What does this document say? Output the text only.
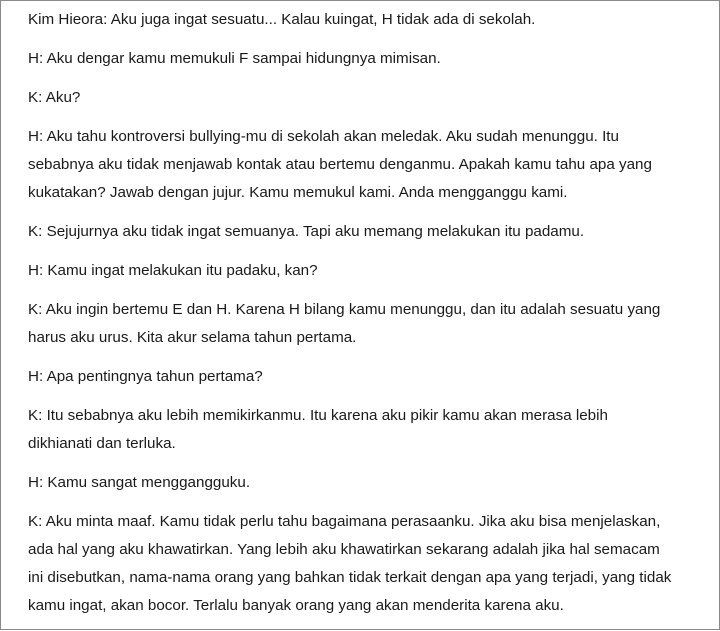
Kim Hieora: Aku juga ingat sesuatu... Kalau kuingat, H tidak ada di sekolah.

H: Aku dengar kamu memukuli F sampai hidungnya mimisan.

K: Aku?

H: Aku tahu kontroversi bullying-mu di sekolah akan meledak. Aku sudah menunggu. Itu
sebabnya aku tidak menjawab kontak atau bertemu denganmu. Apakah kamu tahu apa yang
kukatakan? Jawab dengan jujur. Kamu memukul kami. Anda mengganggu kami.

K: Sejujurnya aku tidak ingat semuanya. Tapi aku memang melakukan itu padamu.

H: Kamu ingat melakukan itu padaku, kan?

K: Aku ingin bertemu E dan H. Karena H bilang kamu menunggu, dan itu adalah sesuatu yang
harus aku urus. Kita akur selama tahun pertama.

H: Apa pentingnya tahun pertama?

K: Itu sebabnya aku lebih memikirkanmu. Itu karena aku pikir kamu akan merasa lebih
dikhianati dan terluka.

H: Kamu sangat menggangguku.

K: Aku minta maaf. Kamu tidak perlu tahu bagaimana perasaanku. Jika aku bisa menjelaskan,
ada hal yang aku khawatirkan. Yang lebih aku khawatirkan sekarang adalah jika hal semacam
ini disebutkan, nama-nama orang yang bahkan tidak terkait dengan apa yang terjadi, yang tidak
kamu ingat, akan bocor. Terlalu banyak orang yang akan menderita karena aku.
